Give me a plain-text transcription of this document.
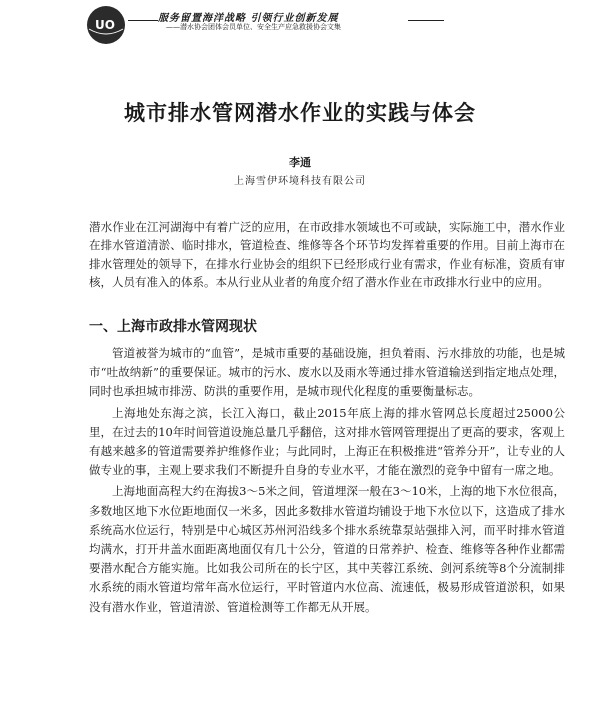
UO	服务留置海洋战略 引领行业创新发展
——潜水协会团体会员单位、安全生产应急救援协会文集
城市排水管网潜水作业的实践与体会
李通
上海雪伊环境科技有限公司

潜水作业在江河湖海中有着广泛的应用，在市政排水领域也不可或缺，实际施工中，潜水作业在排水管道清淤、临时排水，管道检查、维修等各个环节均发挥着重要的作用。目前上海市在排水管理处的领导下，在排水行业协会的组织下已经形成行业有需求，作业有标准，资质有审核，人员有准入的体系。本从行业从业者的角度介绍了潜水作业在市政排水行业中的应用。

一、上海市政排水管网现状

管道被誉为城市的“血管”，是城市重要的基础设施，担负着雨、污水排放的功能，也是城市“吐故纳新”的重要保证。城市的污水、废水以及雨水等通过排水管道输送到指定地点处理，同时也承担城市排涝、防洪的重要作用，是城市现代化程度的重要衡量标志。

上海地处东海之滨，长江入海口，截止2015年底上海的排水管网总长度超过25000公里，在过去的10年时间管道设施总量几乎翻倍，这对排水管网管理提出了更高的要求，客观上有越来越多的管道需要养护维修作业；与此同时，上海正在积极推进“管养分开”，让专业的人做专业的事，主观上要求我们不断提升自身的专业水平，才能在激烈的竞争中留有一席之地。

上海地面高程大约在海拔3～5米之间，管道埋深一般在3～10米，上海的地下水位很高，多数地区地下水位距地面仅一米多，因此多数排水管道均铺设于地下水位以下，这造成了排水系统高水位运行，特别是中心城区苏州河沿线多个排水系统靠泵站强排入河，而平时排水管道均满水，打开井盖水面距离地面仅有几十公分，管道的日常养护、检查、维修等各种作业都需要潜水配合方能实施。比如我公司所在的长宁区，其中芙蓉江系统、剑河系统等8个分流制排水系统的雨水管道均常年高水位运行，平时管道内水位高、流速低，极易形成管道淤积，如果没有潜水作业，管道清淤、管道检测等工作都无从开展。
